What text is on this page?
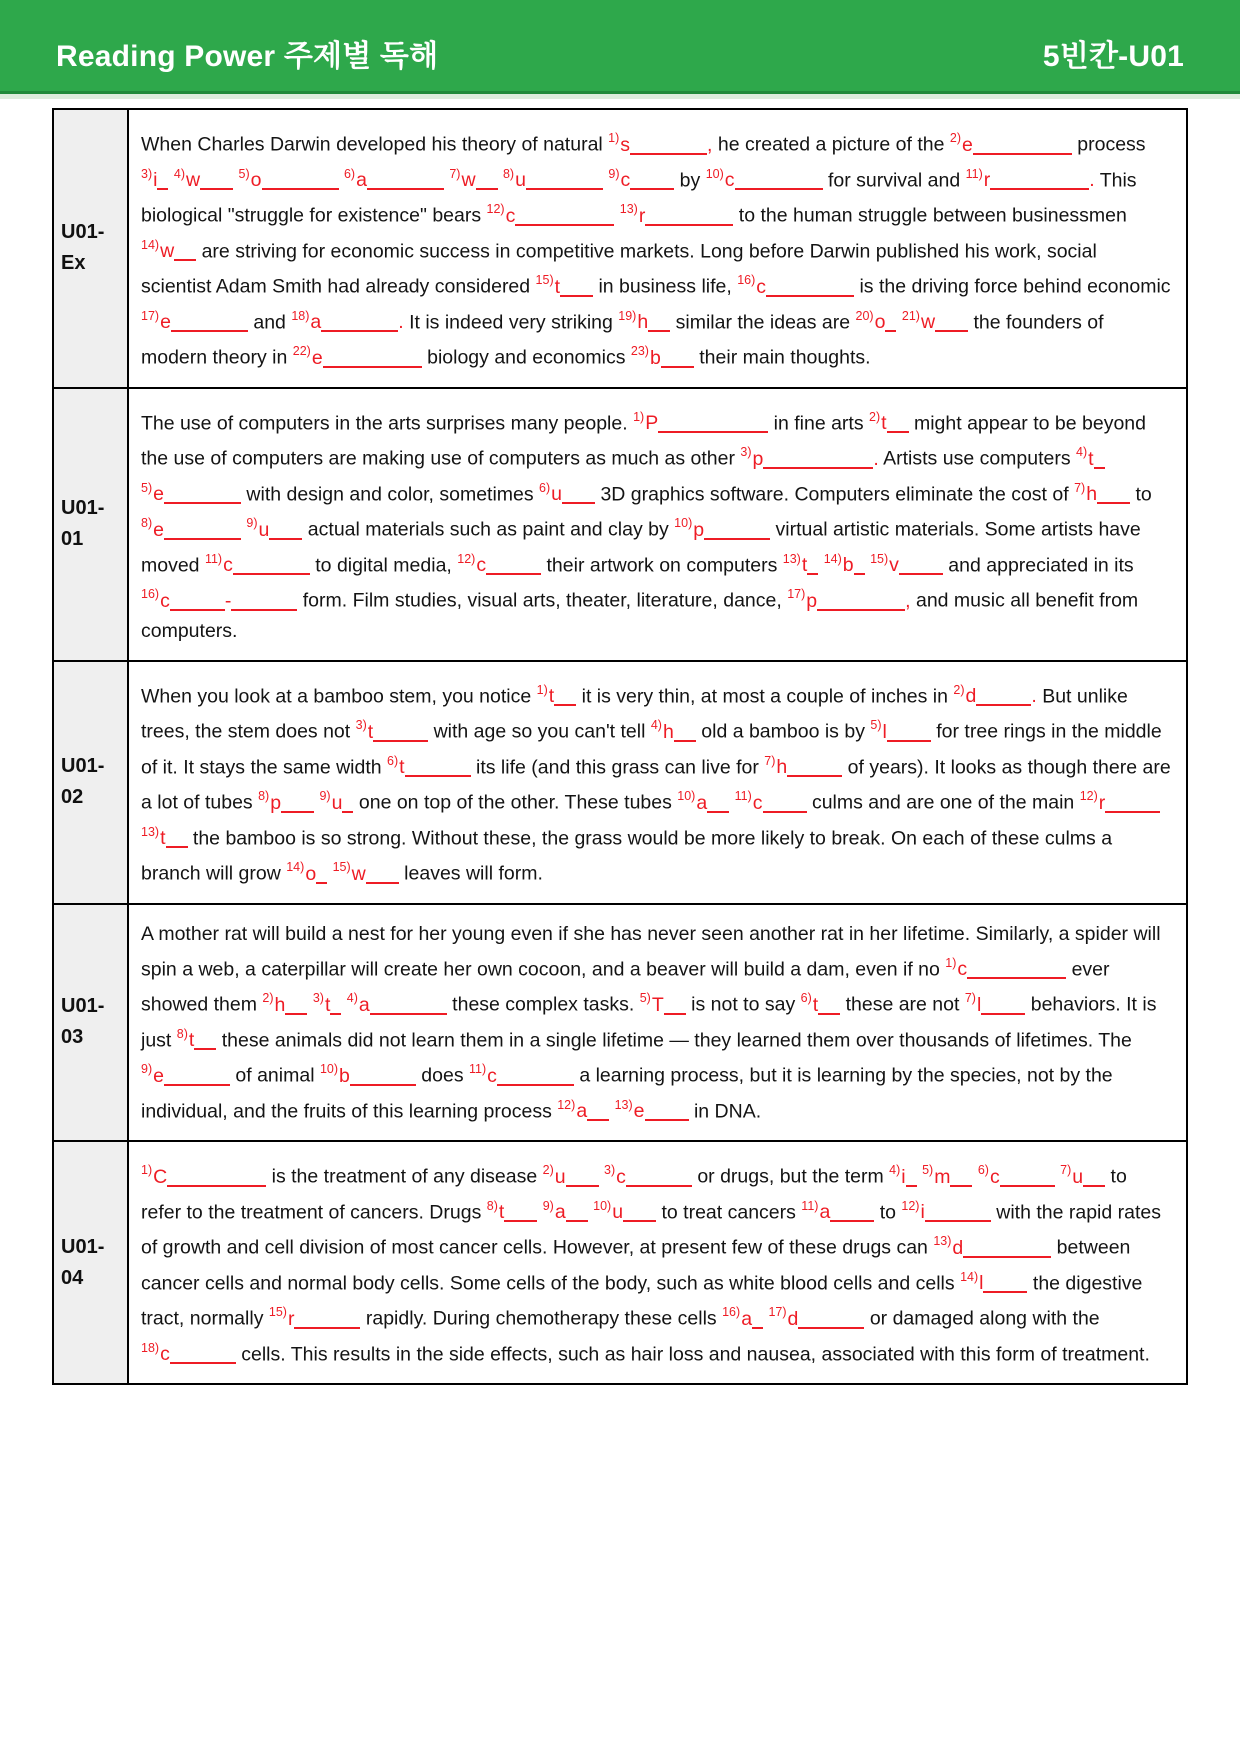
Reading Power 주제별 독해	5빈칸-U01
U01-
Ex	When Charles Darwin developed his theory of natural $^{1)}$s , he created a picture of the $^{2)}$e process $^{3)}$i $^{4)}$w $^{5)}$o $^{6)}$a $^{7)}$w $^{8)}$u $^{9)}$c by $^{10)}$c for survival and $^{11)}$r . This biological "struggle for existence" bears $^{12)}$c $^{13)}$r to the human struggle between businessmen $^{14)}$w are striving for economic success in competitive markets. Long before Darwin published his work, social scientist Adam Smith had already considered $^{15)}$t in business life, $^{16)}$c is the driving force behind economic $^{17)}$e and $^{18)}$a . It is indeed very striking $^{19)}$h similar the ideas are $^{20)}$o $^{21)}$w the founders of modern theory in $^{22)}$e biology and economics $^{23)}$b their main thoughts.

U01-
01	The use of computers in the arts surprises many people. $^{1)}$P in fine arts $^{2)}$t might appear to be beyond the use of computers are making use of computers as much as other $^{3)}$p . Artists use computers $^{4)}$t $^{5)}$e with design and color, sometimes $^{6)}$u 3D graphics software. Computers eliminate the cost of $^{7)}$h to $^{8)}$e $^{9)}$u actual materials such as paint and clay by $^{10)}$p virtual artistic materials. Some artists have moved $^{11)}$c to digital media, $^{12)}$c their artwork on computers $^{13)}$t $^{14)}$b $^{15)}$v and appreciated in its $^{16)}$c - form. Film studies, visual arts, theater, literature, dance, $^{17)}$p , and music all benefit from computers.

U01-
02	When you look at a bamboo stem, you notice $^{1)}$t it is very thin, at most a couple of inches in $^{2)}$d . But unlike trees, the stem does not $^{3)}$t with age so you can't tell $^{4)}$h old a bamboo is by $^{5)}$l for tree rings in the middle of it. It stays the same width $^{6)}$t its life (and this grass can live for $^{7)}$h of years). It looks as though there are a lot of tubes $^{8)}$p $^{9)}$u one on top of the other. These tubes $^{10)}$a $^{11)}$c culms and are one of the main $^{12)}$r $^{13)}$t the bamboo is so strong. Without these, the grass would be more likely to break. On each of these culms a branch will grow $^{14)}$o $^{15)}$w leaves will form.

U01-
03	A mother rat will build a nest for her young even if she has never seen another rat in her lifetime. Similarly, a spider will spin a web, a caterpillar will create her own cocoon, and a beaver will build a dam, even if no $^{1)}$c ever showed them $^{2)}$h $^{3)}$t $^{4)}$a these complex tasks. $^{5)}$T is not to say $^{6)}$t these are not $^{7)}$l behaviors. It is just $^{8)}$t these animals did not learn them in a single lifetime — they learned them over thousands of lifetimes. The $^{9)}$e of animal $^{10)}$b does $^{11)}$c a learning process, but it is learning by the species, not by the individual, and the fruits of this learning process $^{12)}$a $^{13)}$e in DNA.

U01-
04	$^{1)}$C is the treatment of any disease $^{2)}$u $^{3)}$c or drugs, but the term $^{4)}$i $^{5)}$m $^{6)}$c $^{7)}$u to refer to the treatment of cancers. Drugs $^{8)}$t $^{9)}$a $^{10)}$u to treat cancers $^{11)}$a to $^{12)}$i with the rapid rates of growth and cell division of most cancer cells. However, at present few of these drugs can $^{13)}$d between cancer cells and normal body cells. Some cells of the body, such as white blood cells and cells $^{14)}$l the digestive tract, normally $^{15)}$r rapidly. During chemotherapy these cells $^{16)}$a $^{17)}$d or damaged along with the $^{18)}$c cells. This results in the side effects, such as hair loss and nausea, associated with this form of treatment.
